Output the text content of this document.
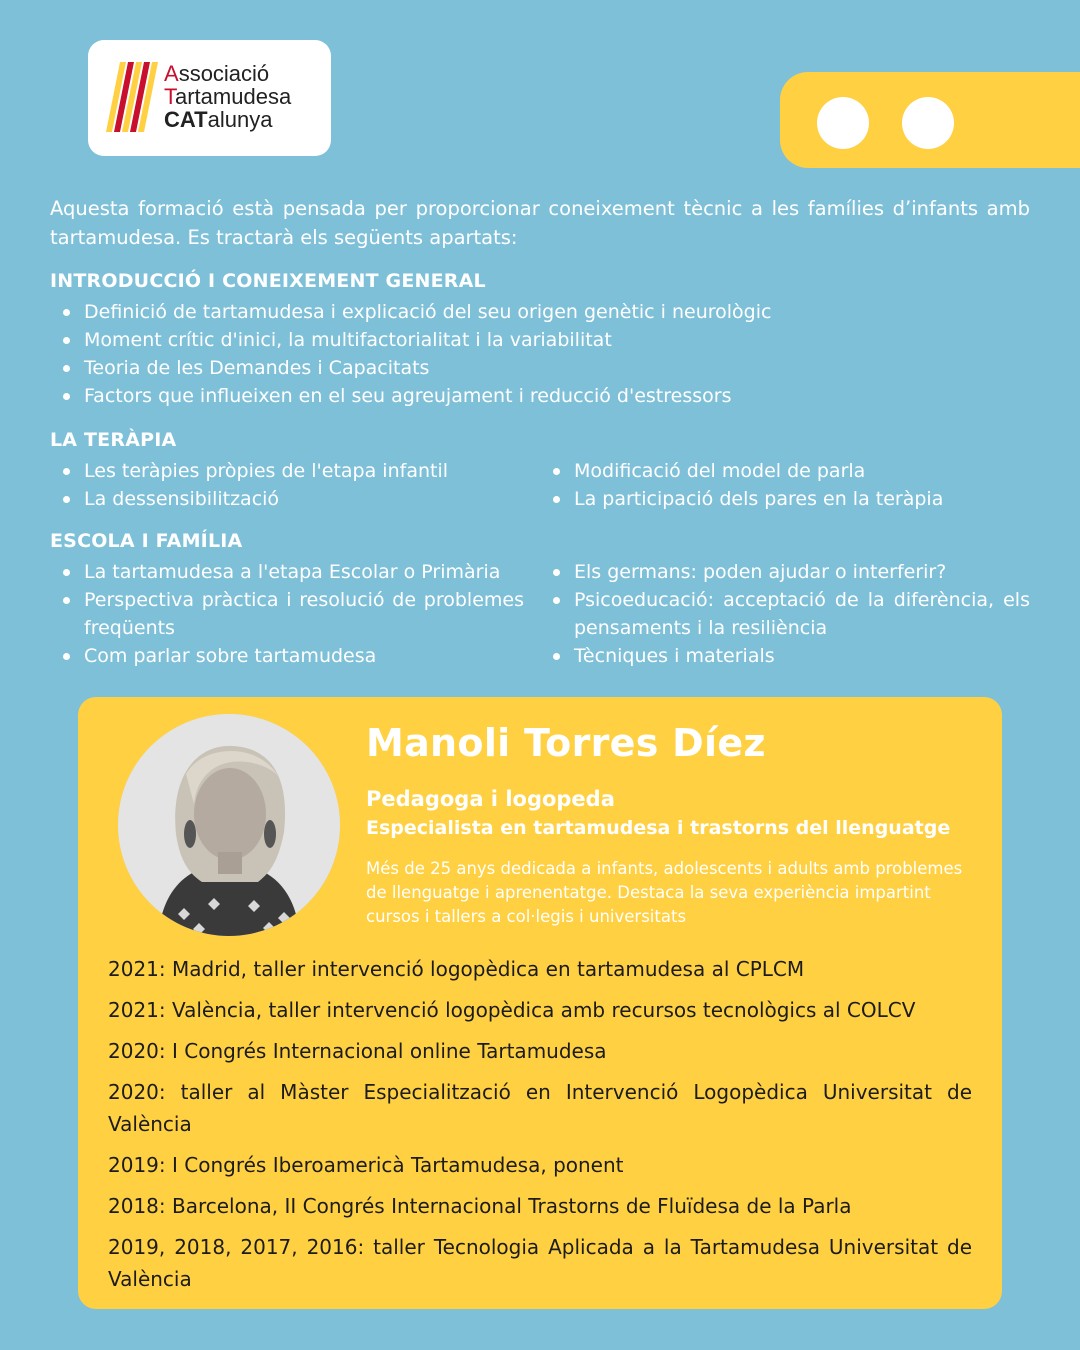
Associació
Tartamudesa
CATalunya

Aquesta formació està pensada per proporcionar coneixement tècnic a les famílies d’infants amb tartamudesa. Es tractarà els següents apartats:

INTRODUCCIÓ I CONEIXEMENT GENERAL
Definició de tartamudesa i explicació del seu origen genètic i neurològic
Moment crític d'inici, la multifactorialitat i la variabilitat
Teoria de les Demandes i Capacitats
Factors que influeixen en el seu agreujament i reducció d'estressors
LA TERÀPIA
Les teràpies pròpies de l'etapa infantil
La dessensibilització
Modificació del model de parla
La participació dels pares en la teràpia
ESCOLA I FAMÍLIA
La tartamudesa a l'etapa Escolar o Primària
Perspectiva pràctica i resolució de problemes freqüents
Com parlar sobre tartamudesa
Els germans: poden ajudar o interferir?
Psicoeducació: acceptació de la diferència, els pensaments i la resiliència
Tècniques i materials
Manoli Torres Díez
Pedagoga i logopeda
Especialista en tartamudesa i trastorns del llenguatge

Més de 25 anys dedicada a infants, adolescents i adults amb problemes de llenguatge i aprenentatge. Destaca la seva experiència impartint cursos i tallers a col·legis i universitats

2021: Madrid, taller intervenció logopèdica en tartamudesa al CPLCM
2021: València, taller intervenció logopèdica amb recursos tecnològics al COLCV
2020: I Congrés Internacional online Tartamudesa
2020: taller al Màster Especialització en Intervenció Logopèdica Universitat de València
2019: I Congrés Iberoamericà Tartamudesa, ponent
2018: Barcelona, II Congrés Internacional Trastorns de Fluïdesa de la Parla
2019, 2018, 2017, 2016: taller Tecnologia Aplicada a la Tartamudesa Universitat de València
